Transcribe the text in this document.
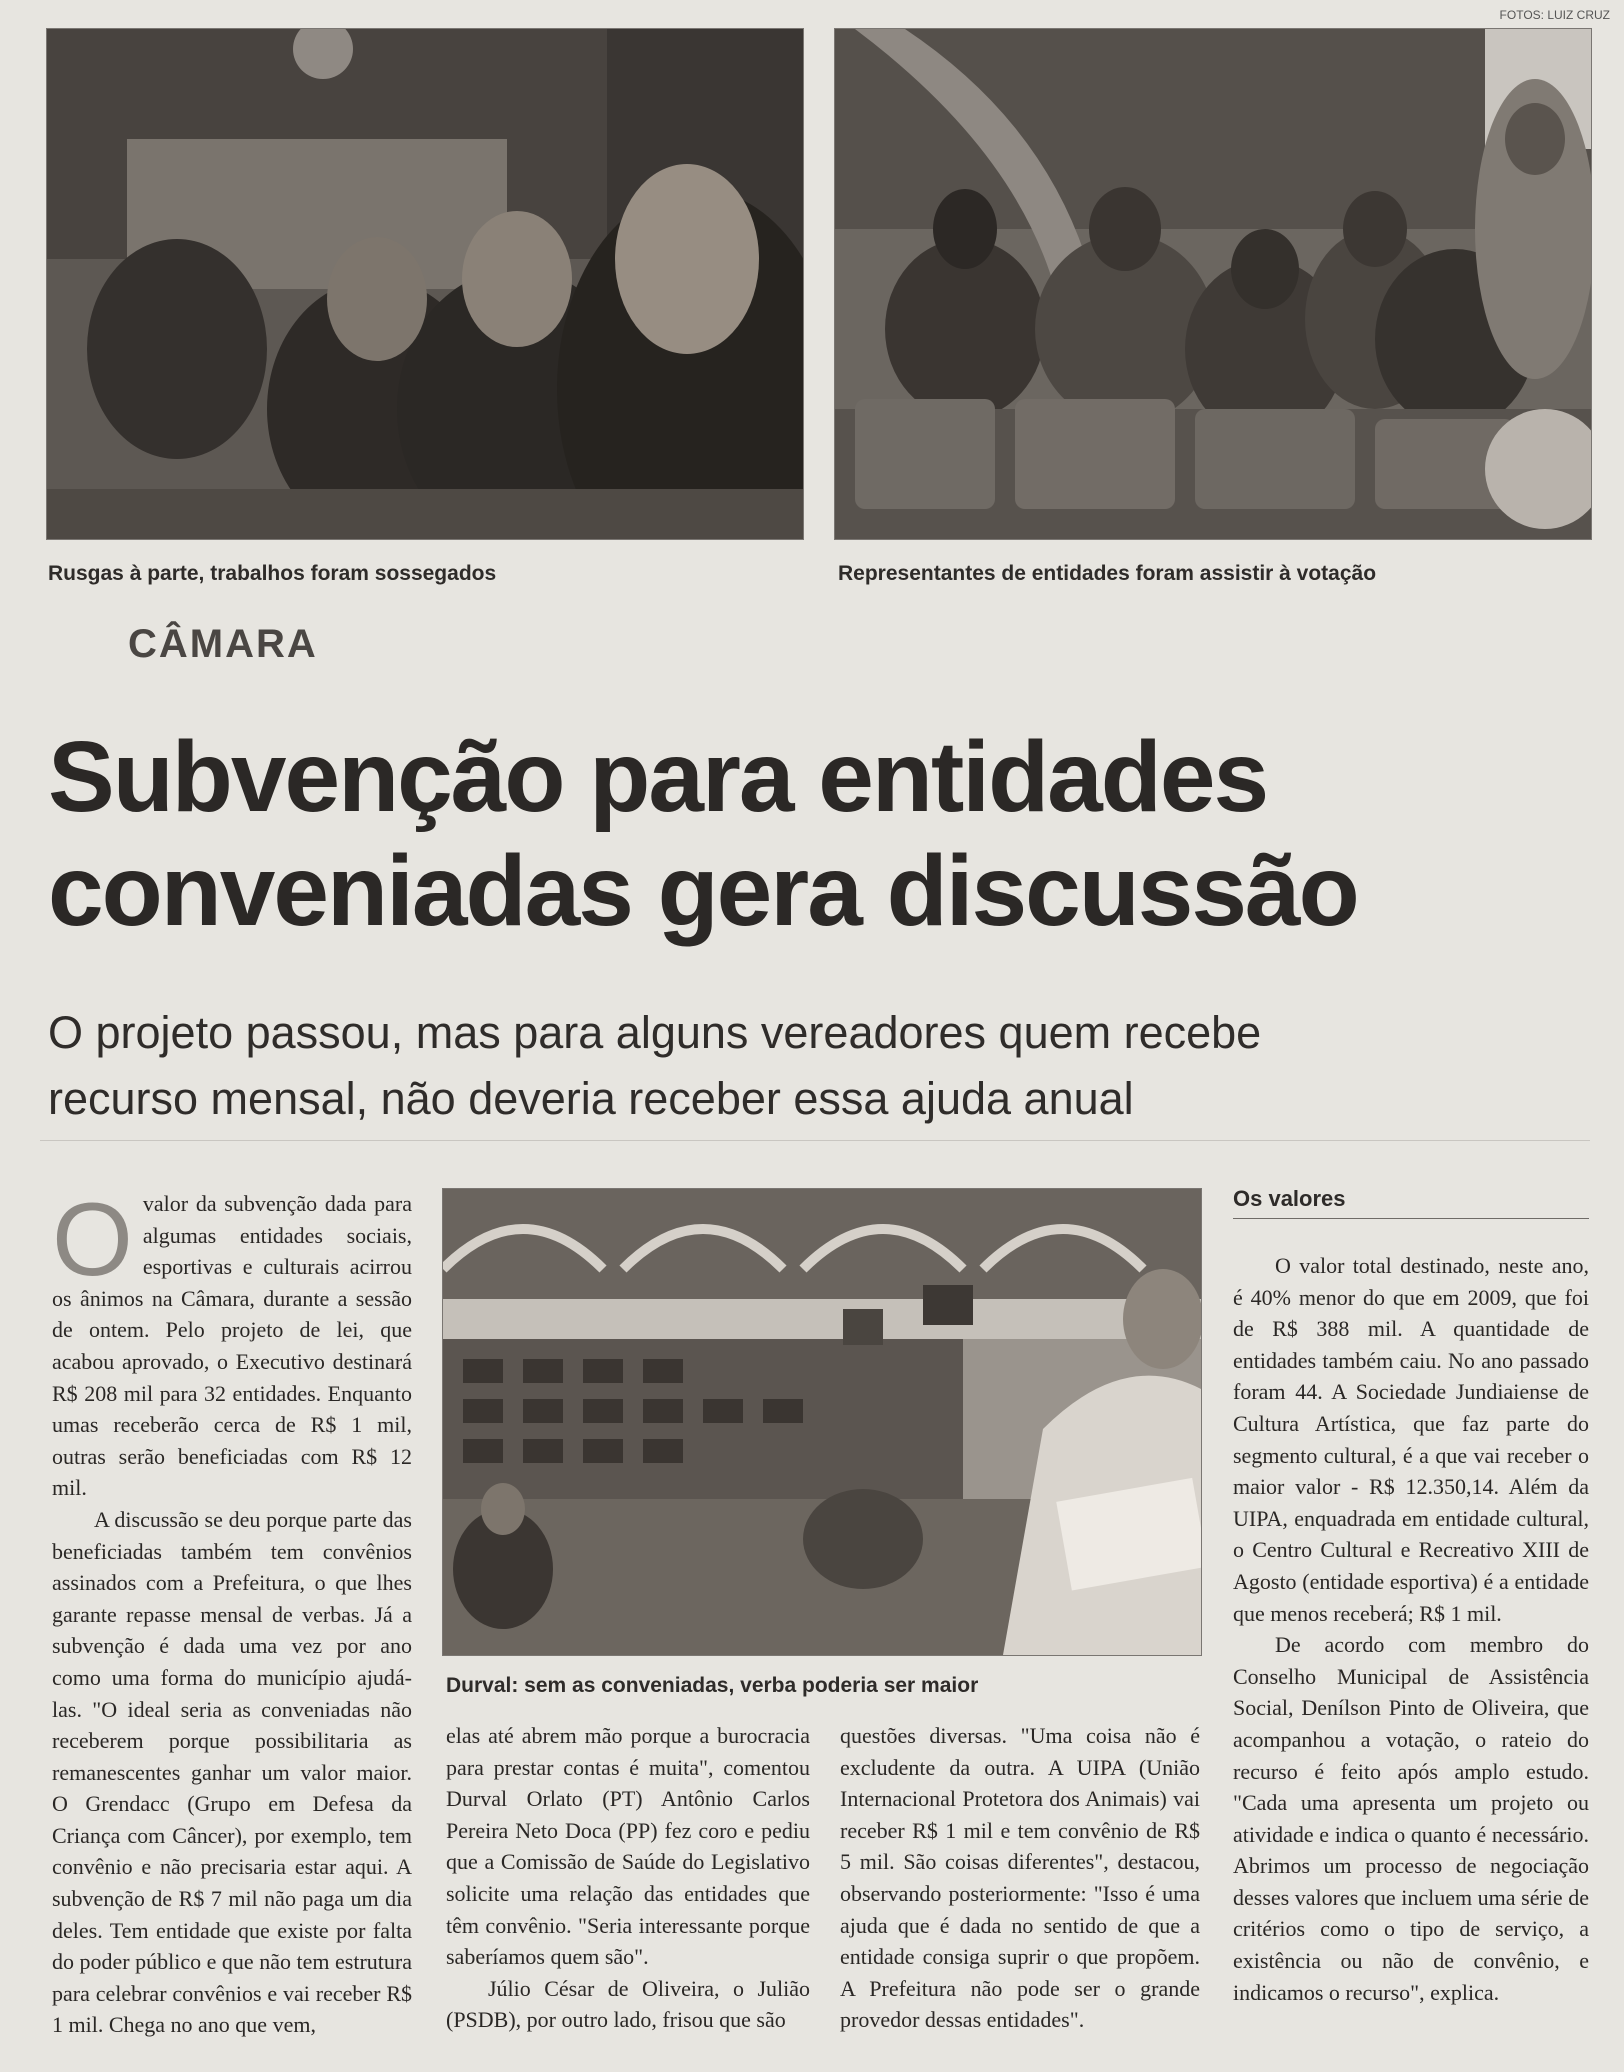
FOTOS: LUIZ CRUZ
Rusgas à parte, trabalhos foram sossegados	Representantes de entidades foram assistir à votação
CÂMARA
Subvenção para entidades
conveniadas gera discussão
O projeto passou, mas para alguns vereadores quem recebe
recurso mensal, não deveria receber essa ajuda anual

Ovalor da subvenção dada para algumas entidades sociais, esportivas e culturais acirrou os ânimos na Câmara, durante a sessão de ontem. Pelo projeto de lei, que acabou aprovado, o Executivo destinará R$ 208 mil para 32 entidades. Enquanto umas receberão cerca de R$ 1 mil, outras serão beneficiadas com R$ 12 mil.

A discussão se deu porque parte das beneficiadas também tem convênios assinados com a Prefeitura, o que lhes garante repasse mensal de verbas. Já a subvenção é dada uma vez por ano como uma forma do município ajudá-las. "O ideal seria as conveniadas não receberem porque possibilitaria as remanescentes ganhar um valor maior. O Grendacc (Grupo em Defesa da Criança com Câncer), por exemplo, tem convênio e não precisaria estar aqui. A subvenção de R$ 7 mil não paga um dia deles. Tem entidade que existe por falta do poder público e que não tem estrutura para celebrar convênios e vai receber R$ 1 mil. Chega no ano que vem,

Durval: sem as conveniadas, verba poderia ser maior

elas até abrem mão porque a burocracia para prestar contas é muita", comentou Durval Orlato (PT) Antônio Carlos Pereira Neto Doca (PP) fez coro e pediu que a Comissão de Saúde do Legislativo solicite uma relação das entidades que têm convênio. "Seria interessante porque saberíamos quem são".

Júlio César de Oliveira, o Julião (PSDB), por outro lado, frisou que são

questões diversas. "Uma coisa não é excludente da outra. A UIPA (União Internacional Protetora dos Animais) vai receber R$ 1 mil e tem convênio de R$ 5 mil. São coisas diferentes", destacou, observando posteriormente: "Isso é uma ajuda que é dada no sentido de que a entidade consiga suprir o que propõem. A Prefeitura não pode ser o grande provedor dessas entidades".

Os valores

O valor total destinado, neste ano, é 40% menor do que em 2009, que foi de R$ 388 mil. A quantidade de entidades também caiu. No ano passado foram 44. A Sociedade Jundiaiense de Cultura Artística, que faz parte do segmento cultural, é a que vai receber o maior valor - R$ 12.350,14. Além da UIPA, enquadrada em entidade cultural, o Centro Cultural e Recreativo XIII de Agosto (entidade esportiva) é a entidade que menos receberá; R$ 1 mil.

De acordo com membro do Conselho Municipal de Assistência Social, Denílson Pinto de Oliveira, que acompanhou a votação, o rateio do recurso é feito após amplo estudo. "Cada uma apresenta um projeto ou atividade e indica o quanto é necessário. Abrimos um processo de negociação desses valores que incluem uma série de critérios como o tipo de serviço, a existência ou não de convênio, e indicamos o recurso", explica.
